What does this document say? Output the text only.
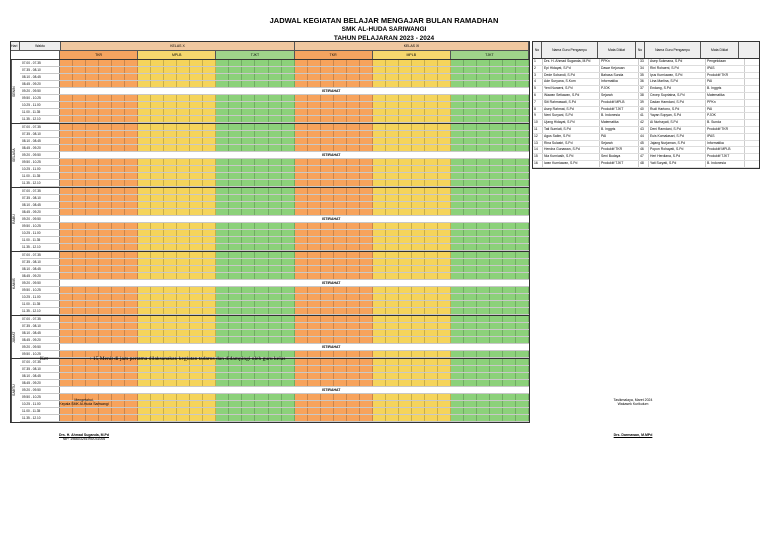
JADWAL KEGIATAN BELAJAR MENGAJAR BULAN RAMADHAN
SMK AL-HUDA SARIWANGI
TAHUN PELAJARAN 2023 - 2024
Hari	Waktu	KELAS X	KELAS XI
TKR	MPLB	TJKT	TKR	MPLB	TJKT
SENIN
07.00 - 07.35
07.35 - 08.10
08.10 - 08.45
08.45 - 09.20
09.20 - 09.50	ISTIRAHAT
09.50 - 10.25
10.25 - 11.00
11.00 - 11.35
11.35 - 12.10
SELASA
07.00 - 07.35
07.35 - 08.10
08.10 - 08.45
08.45 - 09.20
09.20 - 09.50	ISTIRAHAT
09.50 - 10.25
10.25 - 11.00
11.00 - 11.35
11.35 - 12.10
RABU
07.00 - 07.35
07.35 - 08.10
08.10 - 08.45
08.45 - 09.20
09.20 - 09.50	ISTIRAHAT
09.50 - 10.25
10.25 - 11.00
11.00 - 11.35
11.35 - 12.10
KAMIS
07.00 - 07.35
07.35 - 08.10
08.10 - 08.45
08.45 - 09.20
09.20 - 09.50	ISTIRAHAT
09.50 - 10.25
10.25 - 11.00
11.00 - 11.35
11.35 - 12.10
JUMAT
07.00 - 07.35
07.35 - 08.10
08.10 - 08.45
08.45 - 09.20
09.20 - 09.50	ISTIRAHAT
09.50 - 10.25
SABTU
07.00 - 07.35
07.35 - 08.10
08.10 - 08.45
08.45 - 09.20
09.20 - 09.50	ISTIRAHAT
09.50 - 10.25
10.25 - 11.00
11.00 - 11.35
11.35 - 12.10
No	Nama Guru Pengampu	Mata Diklat	No	Nama Guru Pengampu	Mata Diklat
1	Drs. H. Ahmad Suganda, M.Pd	PPKn	33	Asep Sukmana, S.Pd	Pengelolaan
2	Epi Hidayat, S.Pd	Dasar Kejuruan	34	Rini Rohaeni, S.Pd	IPAS
3	Dede Sobandi, S.Pd	Bahasa Sunda	35	Iyus Kurniawan, S.Pd	Produktif TKR
4	Ade Suryana, S.Kom	Informatika	36	Lina Marlina, S.Pd	PAI
5	Yeni Nuraeni, S.Pd	PJOK	37	Endang, S.Pd	B. Inggris
6	Wawan Setiawan, S.Pd	Sejarah	38	Cecep Supriatna, S.Pd	Matematika
7	Siti Rahmawati, S.Pd	Produktif MPLB	39	Dadan Hamdani, S.Pd	PPKn
8	Asep Rahmat, S.Pd	Produktif TJKT	40	Rudi Hartono, S.Pd	PAI
9	Neni Suryani, S.Pd	B. Indonesia	41	Yayan Sopyan, S.Pd	PJOK
10	Ujang Hidayat, S.Pd	Matematika	42	Ai Nurhayati, S.Pd	B. Sunda
11	Tati Sumiati, S.Pd	B. Inggris	43	Deni Ramdani, S.Pd	Produktif TKR
12	Agus Salim, S.Pd	PAI	44	Euis Komalasari, S.Pd	IPAS
13	Rina Sulastri, S.Pd	Sejarah	45	Jajang Nurjaman, S.Pd	Informatika
14	Hendra Gunawan, S.Pd	Produktif TKR	46	Popon Rohayati, S.Pd	Produktif MPLB
15	Nia Kurniasih, S.Pd	Seni Budaya	47	Heri Herdiana, S.Pd	Produktif TJKT
16	Iwan Kurniawan, S.Pd	Produktif TJKT	48	Yati Suryati, S.Pd	B. Indonesia
Ket	: 15 Menit di jam pertama dilaksanakan kegiatan tadarus dan didampingi oleh guru kelas
Mengetahui,
Kepala SMK Al-Huda Sariwangi
Drs. H. Ahmad Suganda, M.Pd
NIP. 196603251992031006
Tasikmalaya, Maret 2024
Wakasek Kurikulum
Drs. Darmawan, M.MPd
